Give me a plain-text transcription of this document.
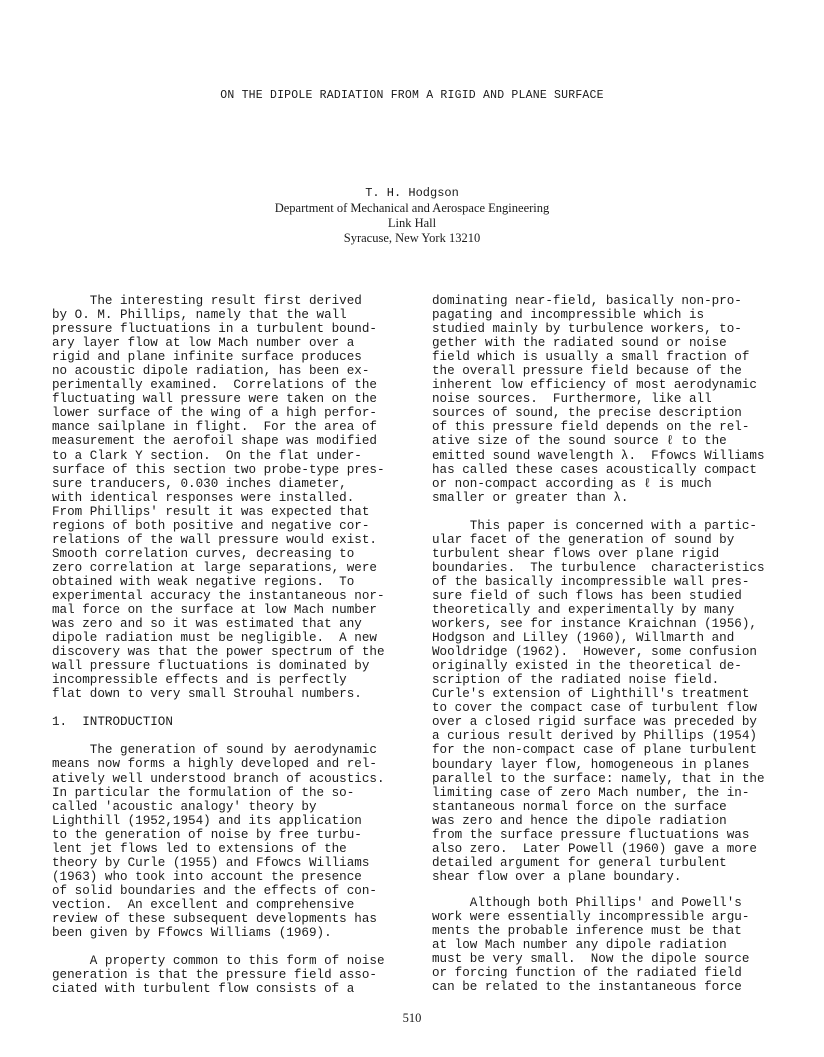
ON THE DIPOLE RADIATION FROM A RIGID AND PLANE SURFACE
T. H. Hodgson
Department of Mechanical and Aerospace Engineering
Link Hall
Syracuse, New York 13210

The interesting result first derived
by O. M. Phillips, namely that the wall
pressure fluctuations in a turbulent bound-
ary layer flow at low Mach number over a
rigid and plane infinite surface produces
no acoustic dipole radiation, has been ex-
perimentally examined.  Correlations of the
fluctuating wall pressure were taken on the
lower surface of the wing of a high perfor-
mance sailplane in flight.  For the area of
measurement the aerofoil shape was modified
to a Clark Y section.  On the flat under-
surface of this section two probe-type pres-
sure tranducers, 0.030 inches diameter,
with identical responses were installed.
From Phillips' result it was expected that
regions of both positive and negative cor-
relations of the wall pressure would exist.
Smooth correlation curves, decreasing to
zero correlation at large separations, were
obtained with weak negative regions.  To
experimental accuracy the instantaneous nor-
mal force on the surface at low Mach number
was zero and so it was estimated that any
dipole radiation must be negligible.  A new
discovery was that the power spectrum of the
wall pressure fluctuations is dominated by
incompressible effects and is perfectly
flat down to very small Strouhal numbers.

1.  INTRODUCTION

The generation of sound by aerodynamic
means now forms a highly developed and rel-
atively well understood branch of acoustics.
In particular the formulation of the so-
called 'acoustic analogy' theory by
Lighthill (1952,1954) and its application
to the generation of noise by free turbu-
lent jet flows led to extensions of the
theory by Curle (1955) and Ffowcs Williams
(1963) who took into account the presence
of solid boundaries and the effects of con-
vection.  An excellent and comprehensive
review of these subsequent developments has
been given by Ffowcs Williams (1969).

A property common to this form of noise
generation is that the pressure field asso-
ciated with turbulent flow consists of a

dominating near-field, basically non-pro-
pagating and incompressible which is
studied mainly by turbulence workers, to-
gether with the radiated sound or noise
field which is usually a small fraction of
the overall pressure field because of the
inherent low efficiency of most aerodynamic
noise sources.  Furthermore, like all
sources of sound, the precise description
of this pressure field depends on the rel-
ative size of the sound source ℓ to the
emitted sound wavelength λ.  Ffowcs Williams
has called these cases acoustically compact
or non-compact according as ℓ is much
smaller or greater than λ.

This paper is concerned with a partic-
ular facet of the generation of sound by
turbulent shear flows over plane rigid
boundaries.  The turbulence  characteristics
of the basically incompressible wall pres-
sure field of such flows has been studied
theoretically and experimentally by many
workers, see for instance Kraichnan (1956),
Hodgson and Lilley (1960), Willmarth and
Wooldridge (1962).  However, some confusion
originally existed in the theoretical de-
scription of the radiated noise field.
Curle's extension of Lighthill's treatment
to cover the compact case of turbulent flow
over a closed rigid surface was preceded by
a curious result derived by Phillips (1954)
for the non-compact case of plane turbulent
boundary layer flow, homogeneous in planes
parallel to the surface: namely, that in the
limiting case of zero Mach number, the in-
stantaneous normal force on the surface
was zero and hence the dipole radiation
from the surface pressure fluctuations was
also zero.  Later Powell (1960) gave a more
detailed argument for general turbulent
shear flow over a plane boundary.

Although both Phillips' and Powell's
work were essentially incompressible argu-
ments the probable inference must be that
at low Mach number any dipole radiation
must be very small.  Now the dipole source
or forcing function of the radiated field
can be related to the instantaneous force

510
